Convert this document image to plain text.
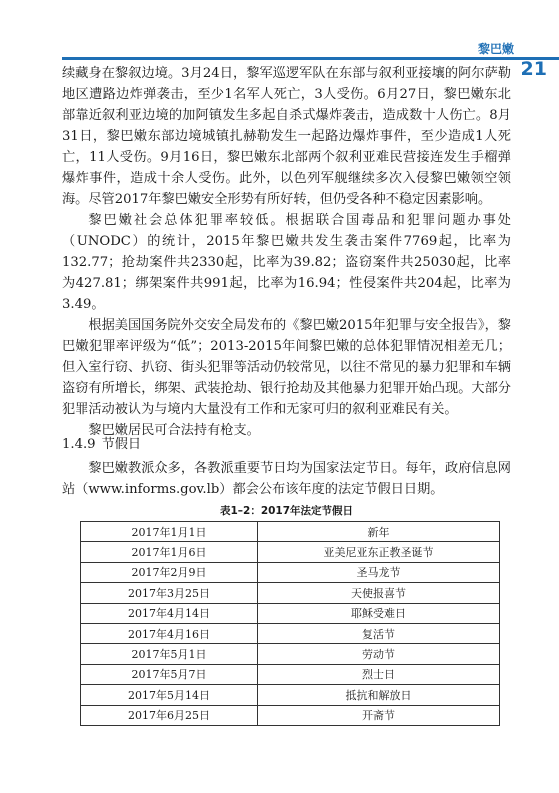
黎巴嫩
21

续藏身在黎叙边境。3月24日，黎军巡逻军队在东部与叙利亚接壤的阿尔萨勒地区遭路边炸弹袭击，至少1名军人死亡，3人受伤。6月27日，黎巴嫩东北部靠近叙利亚边境的加阿镇发生多起自杀式爆炸袭击，造成数十人伤亡。8月31日，黎巴嫩东部边境城镇扎赫勒发生一起路边爆炸事件，至少造成1人死亡，11人受伤。9月16日，黎巴嫩东北部两个叙利亚难民营接连发生手榴弹爆炸事件，造成十余人受伤。此外，以色列军舰继续多次入侵黎巴嫩领空领海。尽管2017年黎巴嫩安全形势有所好转，但仍受各种不稳定因素影响。

黎巴嫩社会总体犯罪率较低。根据联合国毒品和犯罪问题办事处（UNODC）的统计，2015年黎巴嫩共发生袭击案件7769起，比率为132.77；抢劫案件共2330起，比率为39.82；盗窃案件共25030起，比率为427.81；绑架案件共991起，比率为16.94；性侵案件共204起，比率为3.49。

根据美国国务院外交安全局发布的《黎巴嫩2015年犯罪与安全报告》，黎巴嫩犯罪率评级为“低”；2013-2015年间黎巴嫩的总体犯罪情况相差无几；但入室行窃、扒窃、街头犯罪等活动仍较常见，以往不常见的暴力犯罪和车辆盗窃有所增长，绑架、武装抢劫、银行抢劫及其他暴力犯罪开始凸现。大部分犯罪活动被认为与境内大量没有工作和无家可归的叙利亚难民有关。

黎巴嫩居民可合法持有枪支。

1.4.9 节假日

黎巴嫩教派众多，各教派重要节日均为国家法定节日。每年，政府信息网站（www.informs.gov.lb）都会公布该年度的法定节假日日期。

表1–2：2017年法定节假日
2017年1月1日	新年
2017年1月6日	亚美尼亚东正教圣诞节
2017年2月9日	圣马龙节
2017年3月25日	天使报喜节
2017年4月14日	耶稣受难日
2017年4月16日	复活节
2017年5月1日	劳动节
2017年5月7日	烈士日
2017年5月14日	抵抗和解放日
2017年6月25日	开斋节
